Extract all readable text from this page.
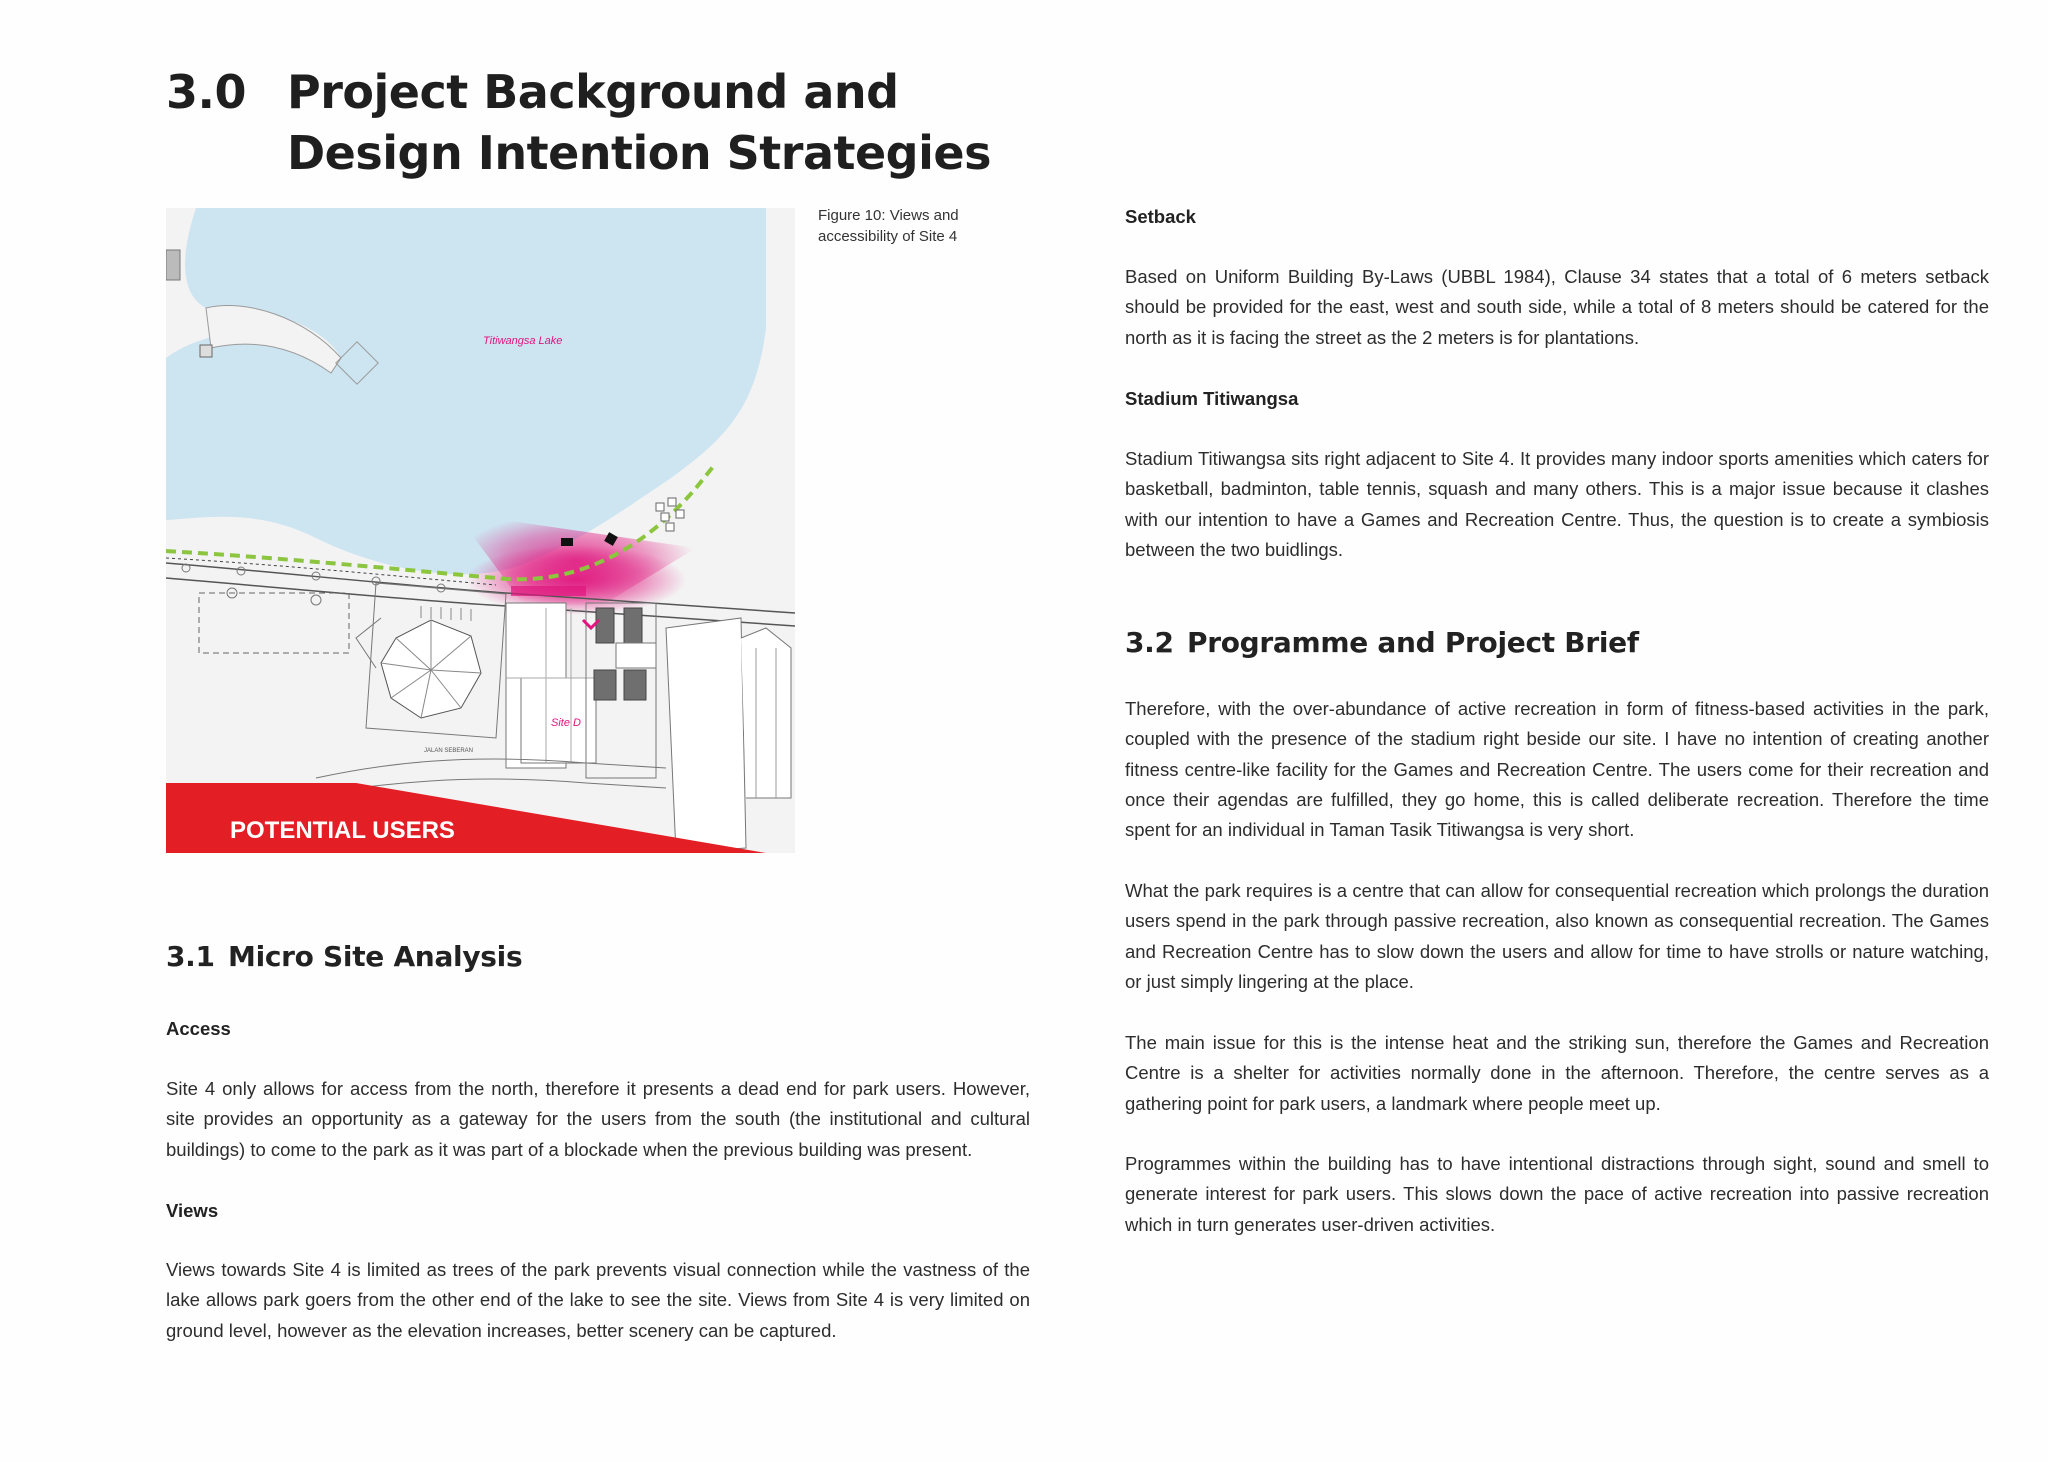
3.0 Project Background and Design Intention Strategies
Titiwangsa Lake
Site D
JALAN SEBERAN
POTENTIAL USERS
Figure 10: Views and accessibility of Site 4
3.1 Micro Site Analysis
Access

Site 4 only allows for access from the north, therefore it presents a dead end for park users. However, site provides an opportunity as a gateway for the users from the south (the institutional and cultural buildings) to come to the park as it was part of a blockade when the previous building was present.

Views

Views towards Site 4 is limited as trees of the park prevents visual connection while the vastness of the lake allows park goers from the other end of the lake to see the site. Views from Site 4 is very limited on ground level, however as the elevation increases, better scenery can be captured.

Setback

Based on Uniform Building By-Laws (UBBL 1984), Clause 34 states that a total of 6 meters setback should be provided for the east, west and south side, while a total of 8 meters should be catered for the north as it is facing the street as the 2 meters is for plantations.

Stadium Titiwangsa

Stadium Titiwangsa sits right adjacent to Site 4. It provides many indoor sports amenities which caters for basketball, badminton, table tennis, squash and many others. This is a major issue because it clashes with our intention to have a Games and Recreation Centre. Thus, the question is to create a symbiosis between the two buidlings.

3.2 Programme and Project Brief

Therefore, with the over-abundance of active recreation in form of fitness-based activities in the park, coupled with the presence of the stadium right beside our site. I have no intention of creating another fitness centre-like facility for the Games and Recreation Centre. The users come for their recreation and once their agendas are fulfilled, they go home, this is called deliberate recreation. Therefore the time spent for an individual in Taman Tasik Titiwangsa is very short.

What the park requires is a centre that can allow for consequential recreation which prolongs the duration users spend in the park through passive recreation, also known as consequential recreation. The Games and Recreation Centre has to slow down the users and allow for time to have strolls or nature watching, or just simply lingering at the place.

The main issue for this is the intense heat and the striking sun, therefore the Games and Recreation Centre is a shelter for activities normally done in the afternoon. Therefore, the centre serves as a gathering point for park users, a landmark where people meet up.

Programmes within the building has to have intentional distractions through sight, sound and smell to generate interest for park users. This slows down the pace of active recreation into passive recreation which in turn generates user-driven activities.
